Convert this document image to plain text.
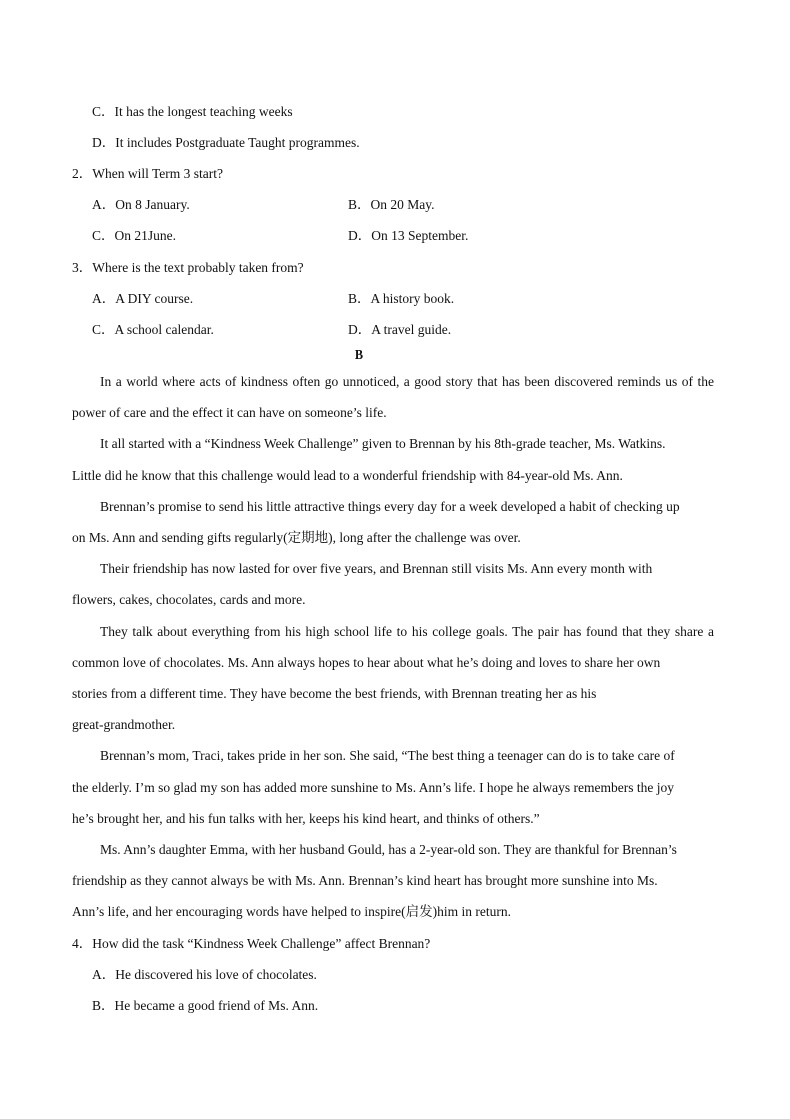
C．It has the longest teaching weeks
D．It includes Postgraduate Taught programmes.
2．When will Term 3 start?
A．On 8 January.	B．On 20 May.
C．On 21June.	D．On 13 September.
3．Where is the text probably taken from?
A．A DIY course.	B．A history book.
C．A school calendar.	D．A travel guide.
B
In a world where acts of kindness often go unnoticed, a good story that has been discovered reminds us of the
power of care and the effect it can have on someone’s life.
It all started with a “Kindness Week Challenge” given to Brennan by his 8th-grade teacher, Ms. Watkins.
Little did he know that this challenge would lead to a wonderful friendship with 84-year-old Ms. Ann.
Brennan’s promise to send his little attractive things every day for a week developed a habit of checking up
on Ms. Ann and sending gifts regularly(定期地), long after the challenge was over.
Their friendship has now lasted for over five years, and Brennan still visits Ms. Ann every month with
flowers, cakes, chocolates, cards and more.
They talk about everything from his high school life to his college goals. The pair has found that they share a
common love of chocolates. Ms. Ann always hopes to hear about what he’s doing and loves to share her own
stories from a different time. They have become the best friends, with Brennan treating her as his
great-grandmother.
Brennan’s mom, Traci, takes pride in her son. She said, “The best thing a teenager can do is to take care of
the elderly. I’m so glad my son has added more sunshine to Ms. Ann’s life. I hope he always remembers the joy
he’s brought her, and his fun talks with her, keeps his kind heart, and thinks of others.”
Ms. Ann’s daughter Emma, with her husband Gould, has a 2-year-old son. They are thankful for Brennan’s
friendship as they cannot always be with Ms. Ann. Brennan’s kind heart has brought more sunshine into Ms.
Ann’s life, and her encouraging words have helped to inspire(启发)him in return.
4．How did the task “Kindness Week Challenge” affect Brennan?
A．He discovered his love of chocolates.
B．He became a good friend of Ms. Ann.
